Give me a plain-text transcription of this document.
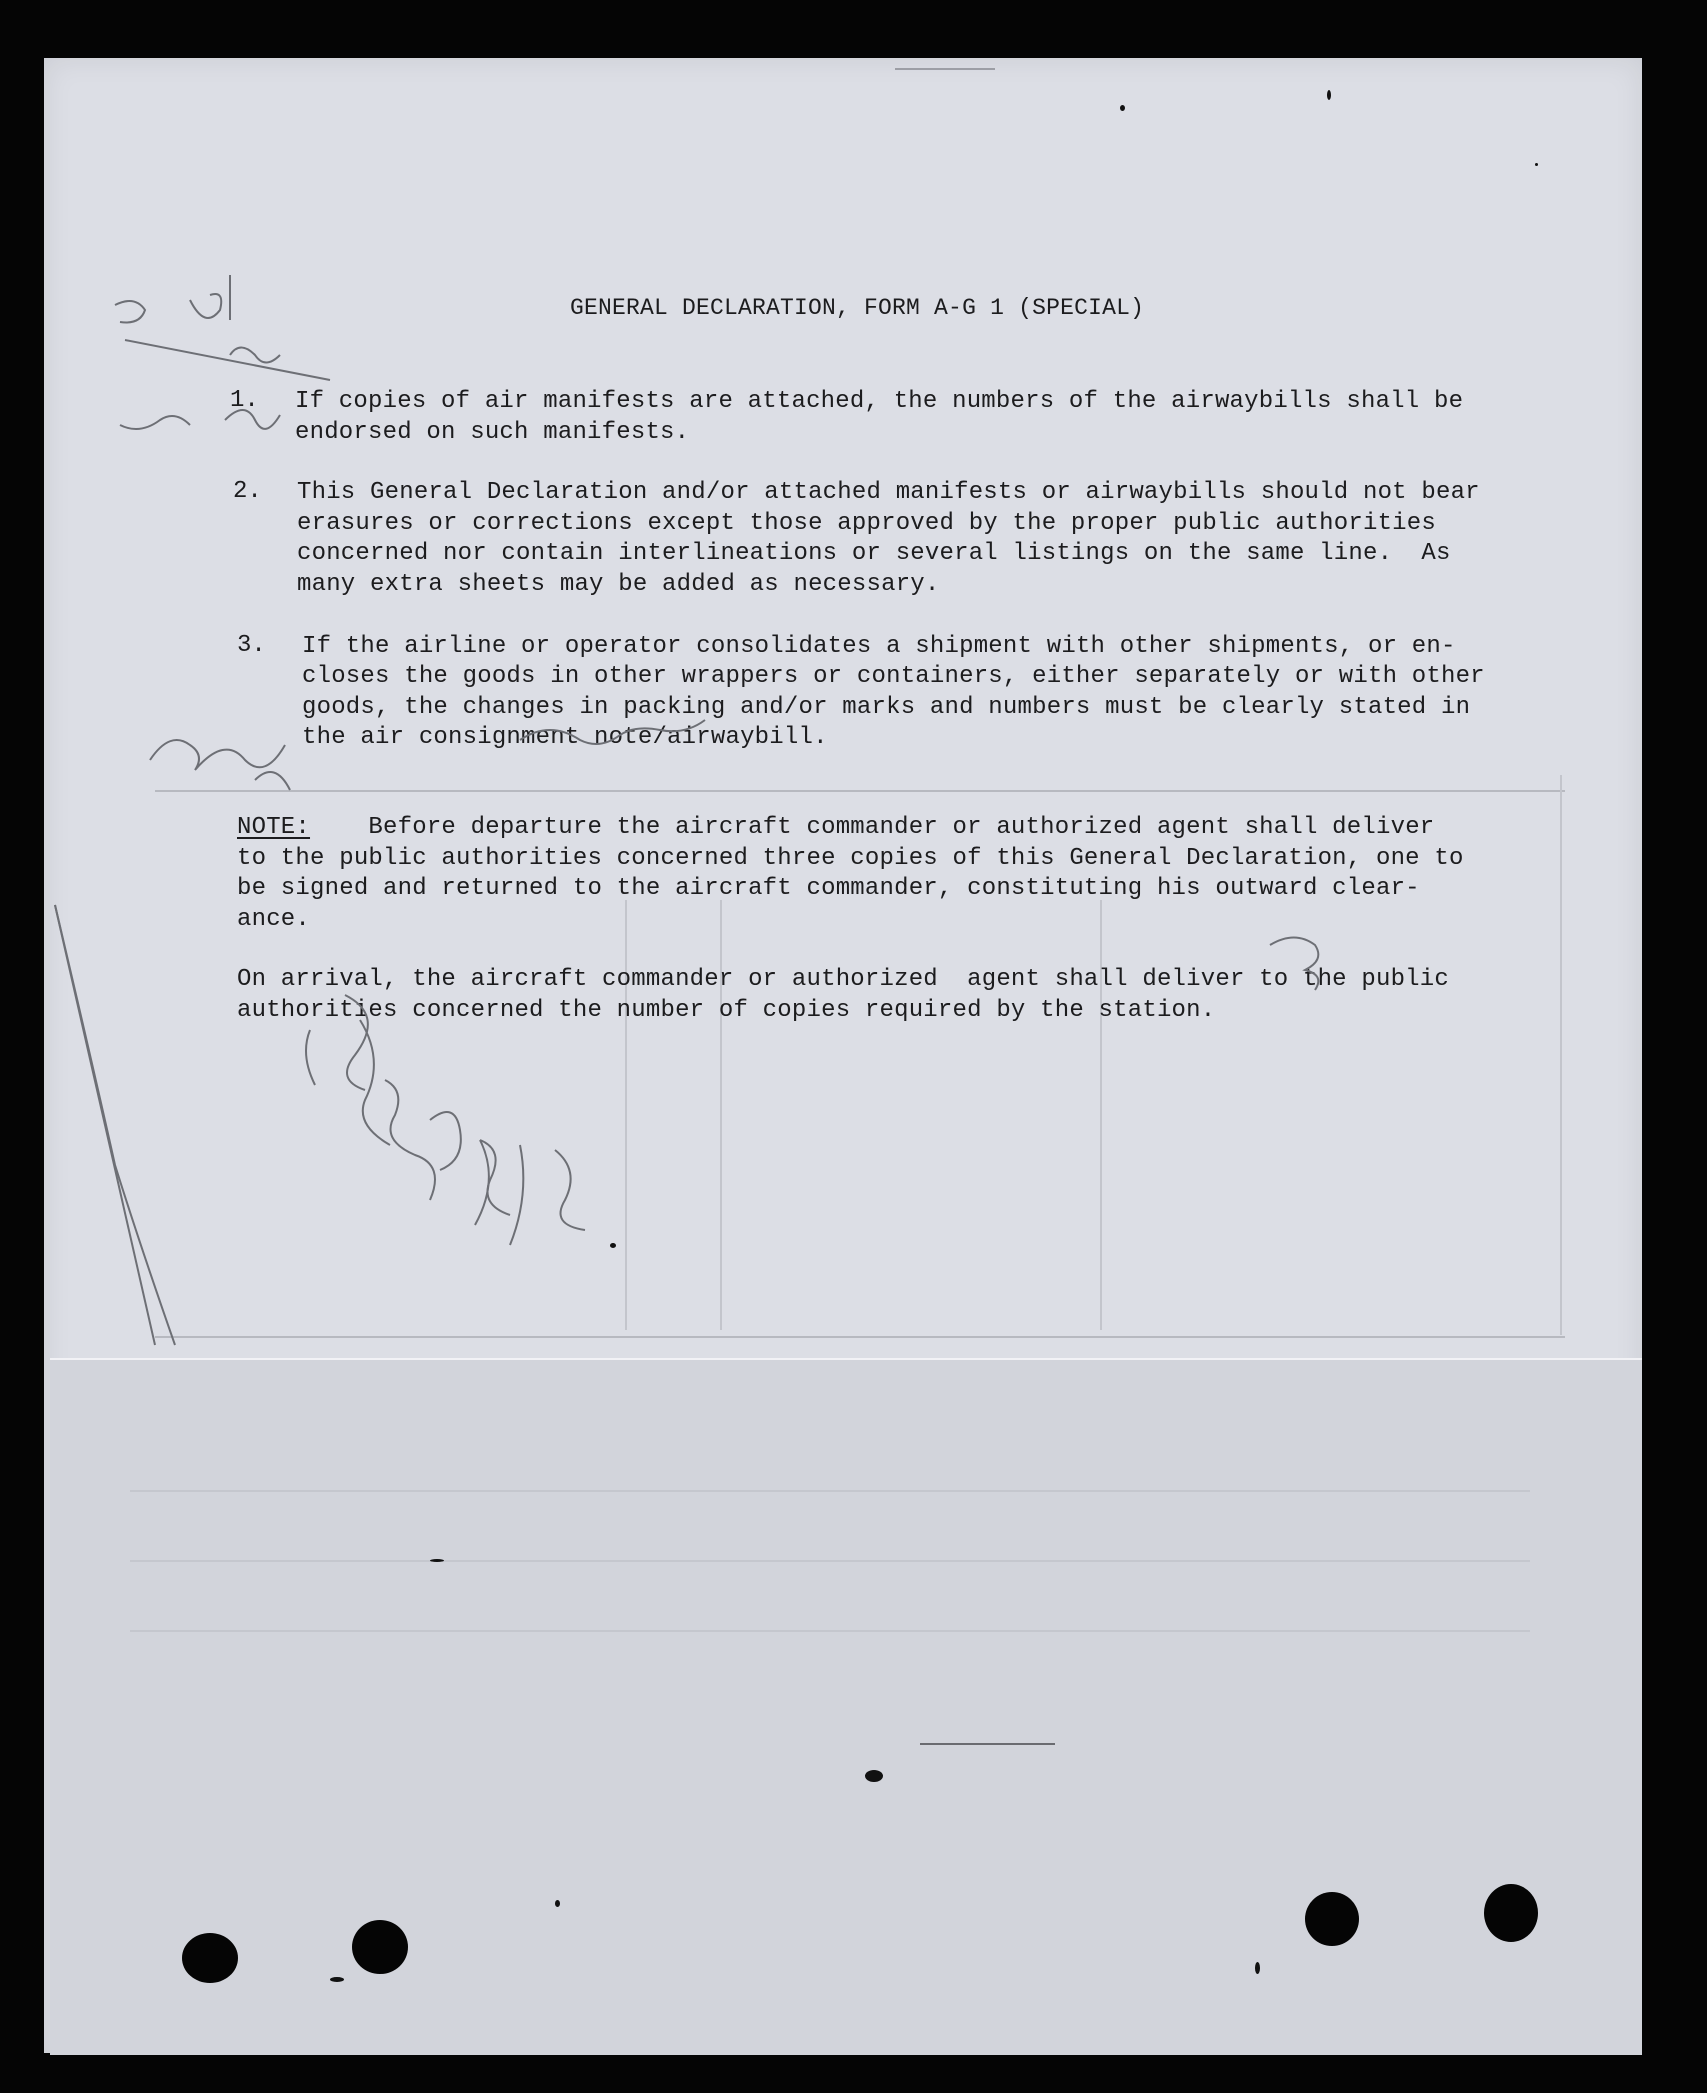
GENERAL DECLARATION, FORM A-G 1 (SPECIAL)
1. If copies of air manifests are attached, the numbers of the airwaybills shall be
endorsed on such manifests.
2. This General Declaration and/or attached manifests or airwaybills should not bear
erasures or corrections except those approved by the proper public authorities
concerned nor contain interlineations or several listings on the same line.  As
many extra sheets may be added as necessary.
3. If the airline or operator consolidates a shipment with other shipments, or en-
closes the goods in other wrappers or containers, either separately or with other
goods, the changes in packing and/or marks and numbers must be clearly stated in
the air consignment note/airwaybill.
NOTE:    Before departure the aircraft commander or authorized agent shall deliver
to the public authorities concerned three copies of this General Declaration, one to
be signed and returned to the aircraft commander, constituting his outward clear-
ance.
On arrival, the aircraft commander or authorized  agent shall deliver to the public
authorities concerned the number of copies required by the station.
